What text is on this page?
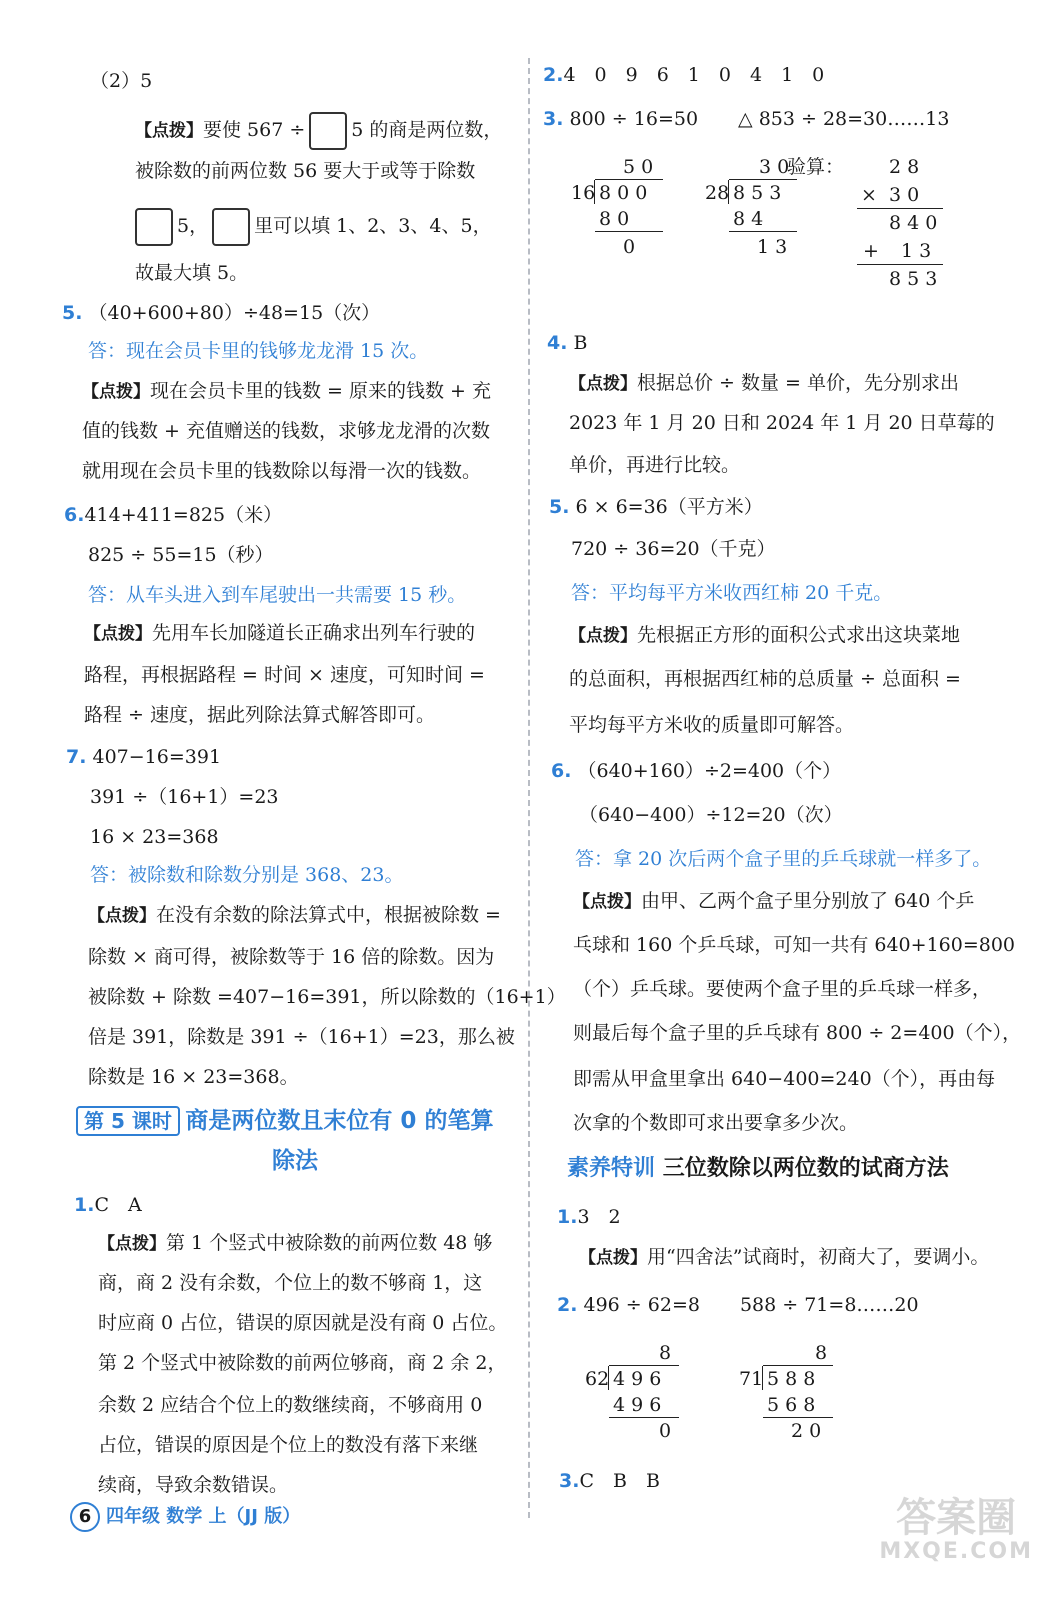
（2）5
【点拨】要使 567 ÷ 5 的商是两位数，
被除数的前两位数 56 要大于或等于除数
5， 里可以填 1、2、3、4、5，
故最大填 5。
5. （40+600+80）÷48=15（次）
答：现在会员卡里的钱够龙龙滑 15 次。
【点拨】现在会员卡里的钱数 = 原来的钱数 + 充
值的钱数 + 充值赠送的钱数，求够龙龙滑的次数
就用现在会员卡里的钱数除以每滑一次的钱数。
6.414+411=825（米）
825 ÷ 55=15（秒）
答：从车头进入到车尾驶出一共需要 15 秒。
【点拨】先用车长加隧道长正确求出列车行驶的
路程，再根据路程 = 时间 × 速度，可知时间 =
路程 ÷ 速度，据此列除法算式解答即可。
7. 407−16=391
391 ÷（16+1）=23
16 × 23=368
答：被除数和除数分别是 368、23。
【点拨】在没有余数的除法算式中，根据被除数 =
除数 × 商可得，被除数等于 16 倍的除数。因为
被除数 + 除数 =407−16=391，所以除数的（16+1）
倍是 391，除数是 391 ÷（16+1）=23，那么被
除数是 16 × 23=368。
第 5 课时 商是两位数且末位有 0 的笔算
除法
1.C　A
【点拨】第 1 个竖式中被除数的前两位数 48 够
商，商 2 没有余数，个位上的数不够商 1，这
时应商 0 占位，错误的原因就是没有商 0 占位。
第 2 个竖式中被除数的前两位够商，商 2 余 2，
余数 2 应结合个位上的数继续商，不够商用 0
占位，错误的原因是个位上的数没有落下来继
续商，导致余数错误。
2.4　0　9　6　1　0　4　1　0
3. 800 ÷ 16=50 △ 853 ÷ 28=30……13
5 0
16 8 0 0
8 0
0
3 0
28 8 5 3
8 4
1 3
验算： 2 8
× 3 0
8 4 0
+ 1 3
8 5 3
4. B
【点拨】根据总价 ÷ 数量 = 单价，先分别求出
2023 年 1 月 20 日和 2024 年 1 月 20 日草莓的
单价，再进行比较。
5. 6 × 6=36（平方米）
720 ÷ 36=20（千克）
答：平均每平方米收西红柿 20 千克。
【点拨】先根据正方形的面积公式求出这块菜地
的总面积，再根据西红柿的总质量 ÷ 总面积 =
平均每平方米收的质量即可解答。
6. （640+160）÷2=400（个）
（640−400）÷12=20（次）
答：拿 20 次后两个盒子里的乒乓球就一样多了。
【点拨】由甲、乙两个盒子里分别放了 640 个乒
乓球和 160 个乒乓球，可知一共有 640+160=800
（个）乒乓球。要使两个盒子里的乒乓球一样多，
则最后每个盒子里的乒乓球有 800 ÷ 2=400（个），
即需从甲盒里拿出 640−400=240（个），再由每
次拿的个数即可求出要拿多少次。
素养特训 三位数除以两位数的试商方法
1.3　2
【点拨】用“四舍法”试商时，初商大了，要调小。
2. 496 ÷ 62=8 588 ÷ 71=8……20
8
62 4 9 6
4 9 6
0
8
71 5 8 8
5 6 8
2 0
3.C　B　B
6 四年级 数学 上（JJ 版）	答案圈
MXQE.COM
